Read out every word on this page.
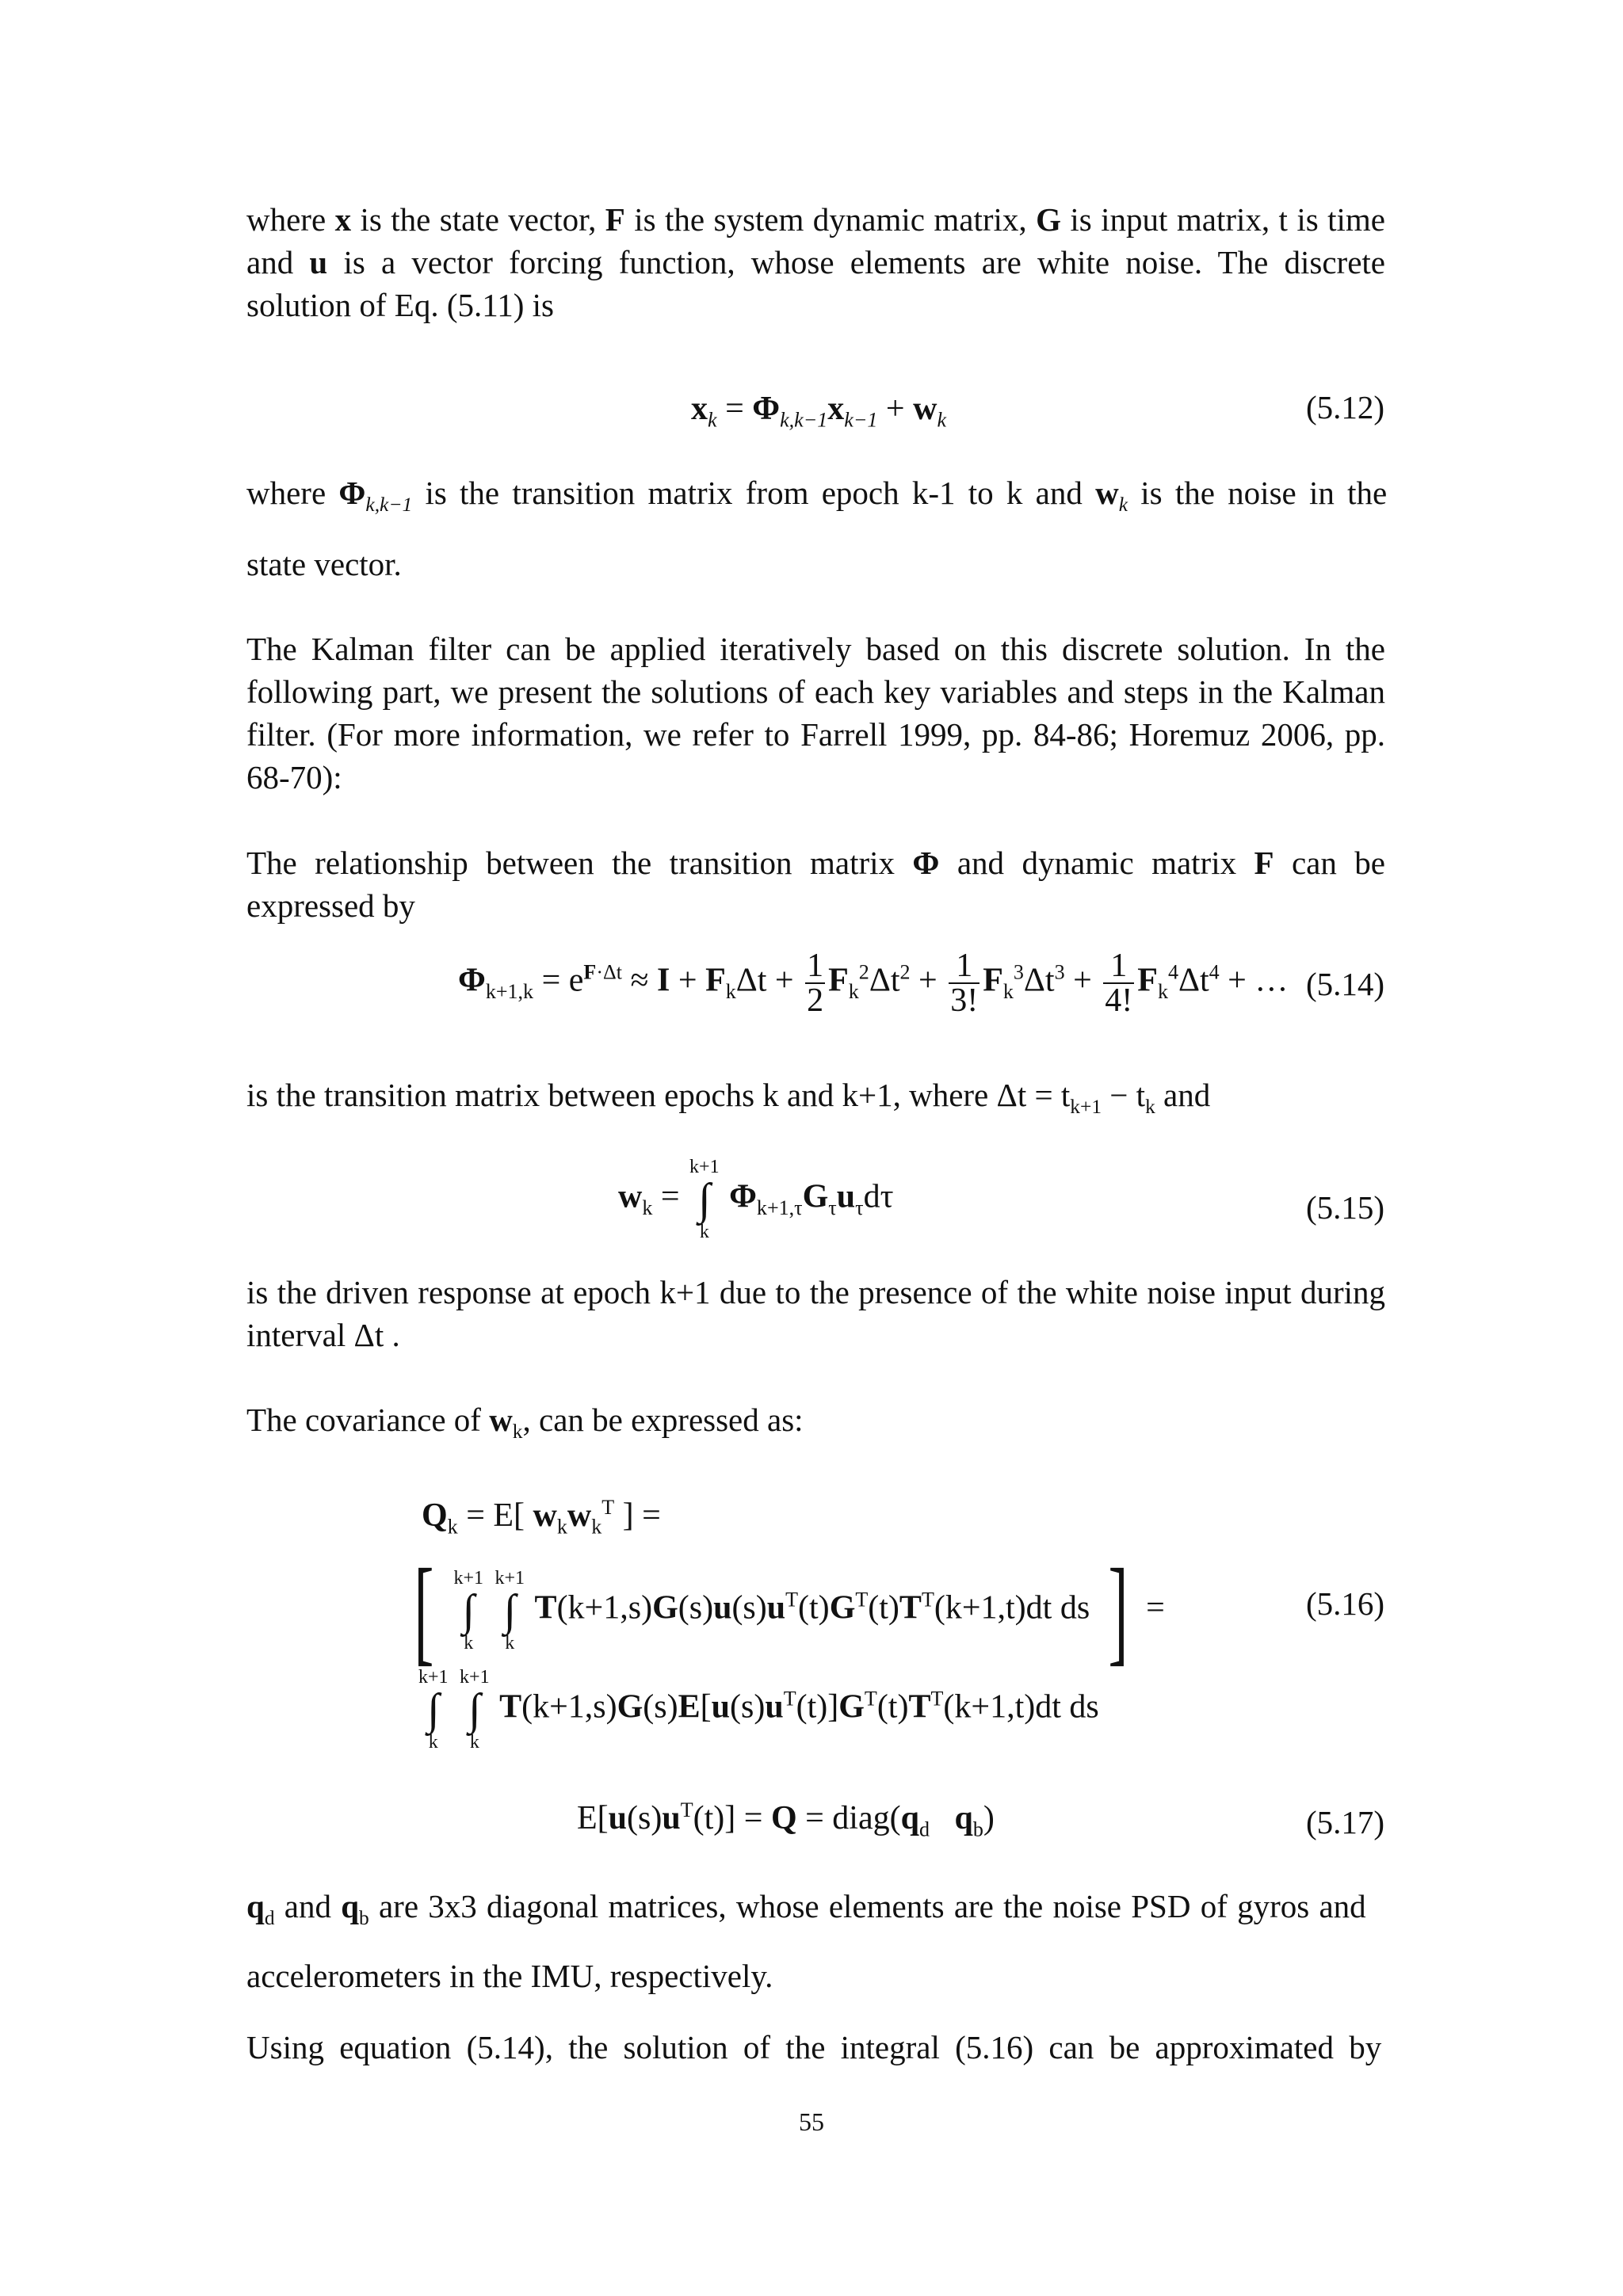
where x is the state vector, F is the system dynamic matrix, G is input matrix, t is time and u is a vector forcing function, whose elements are white noise. The discrete solution of Eq. (5.11) is

$x_k = \Phi_{k,k-1}x_{k-1} + w_k$	(5.12)
where $\Phi_{k,k-1}$ is the transition matrix from epoch k-1 to k and $w_k$ is the noise in the
state vector.

The Kalman filter can be applied iteratively based on this discrete solution. In the following part, we present the solutions of each key variables and steps in the Kalman filter. (For more information, we refer to Farrell 1999, pp. 84-86; Horemuz 2006, pp. 68-70):

The relationship between the transition matrix Φ and dynamic matrix F can be expressed by

$\Phi_{k+1,k} = e^{F\cdot\Delta t} \approx I + F_k\Delta t + \frac{1}{2} F_k^2\Delta t^2 + \frac{1}{3!} F_k^3\Delta t^3 + \frac{1}{4!} F_k^4\Delta t^4$ + … (5.14)
is the transition matrix between epochs k and k+1, where $\Delta t = t_{k+1} - t_k$ and
$w_k$ =
k+1
∫
k
$\Phi_{k+1,\tau}G_\tau u_\tau d\tau$	(5.15)

is the driven response at epoch k+1 due to the presence of the white noise input during interval Δt .

The covariance of $w_k$, can be expressed as:
$Q_k = E$[ $w_kw_k^T$ ] =
[ k+1
∫
k

k+1
∫
k
$T(k+1,s)G(s)u(s)u^T(t)G^T(t)T^T(k+1,t)dt$ ds ] =	(5.16)
k+1
∫
k

k+1
∫
k
$T(k+1,s)G(s)E[u(s)u^T(t)]G^T(t)T^T(k+1,t)dt$ ds
$E[u(s)u^T(t)] = Q$ = $diag(q_d$ $q_b$)	(5.17)
$q_d$ and $q_b$ are 3x3 diagonal matrices, whose elements are the noise PSD of gyros and
accelerometers in the IMU, respectively.
Using equation (5.14), the solution of the integral (5.16) can be approximated by
55
